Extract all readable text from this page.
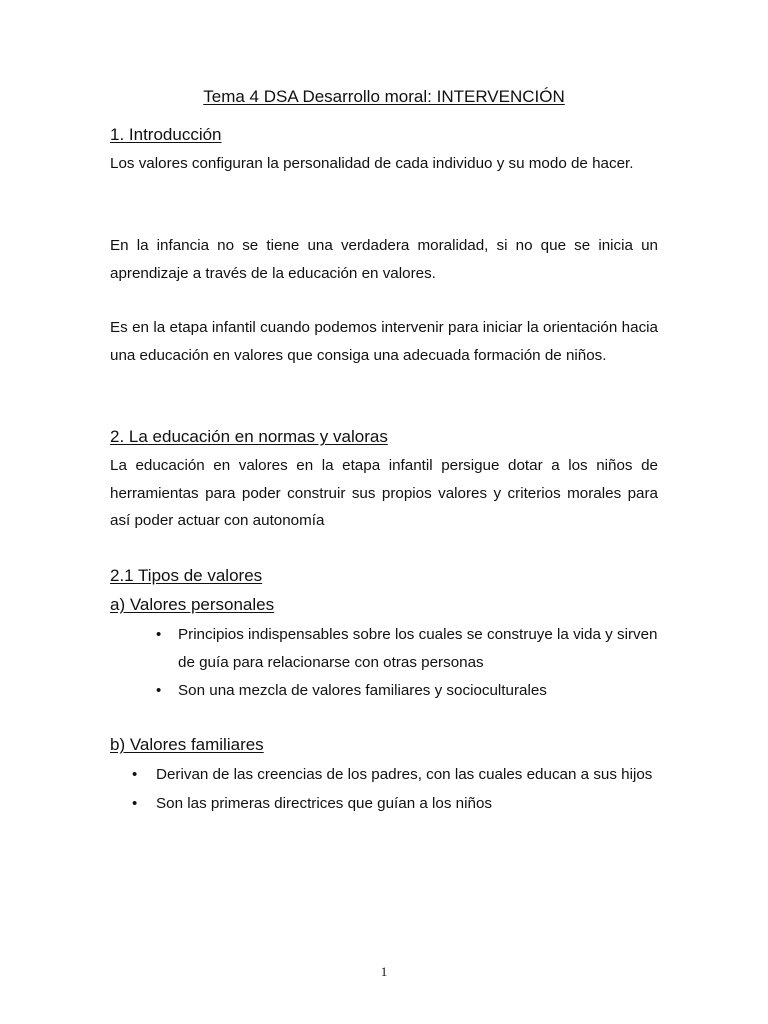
Tema 4 DSA Desarrollo moral: INTERVENCIÓN
1. Introducción
Los valores configuran la personalidad de cada individuo y su modo de hacer.
En la infancia no se tiene una verdadera moralidad, si no que se inicia un aprendizaje a través de la educación en valores.
Es en la etapa infantil cuando podemos intervenir para iniciar la orientación hacia una educación en valores que consiga una adecuada formación de niños.
2. La educación en normas y valoras
La educación en valores en la etapa infantil persigue dotar a los niños de herramientas para poder construir sus propios valores y criterios morales para así poder actuar con autonomía
2.1 Tipos de valores
a) Valores personales
• Principios indispensables sobre los cuales se construye la vida y sirven de guía para relacionarse con otras personas
• Son una mezcla de valores familiares y socioculturales
b) Valores familiares
• Derivan de las creencias de los padres, con las cuales educan a sus hijos
• Son las primeras directrices que guían a los niños
1
